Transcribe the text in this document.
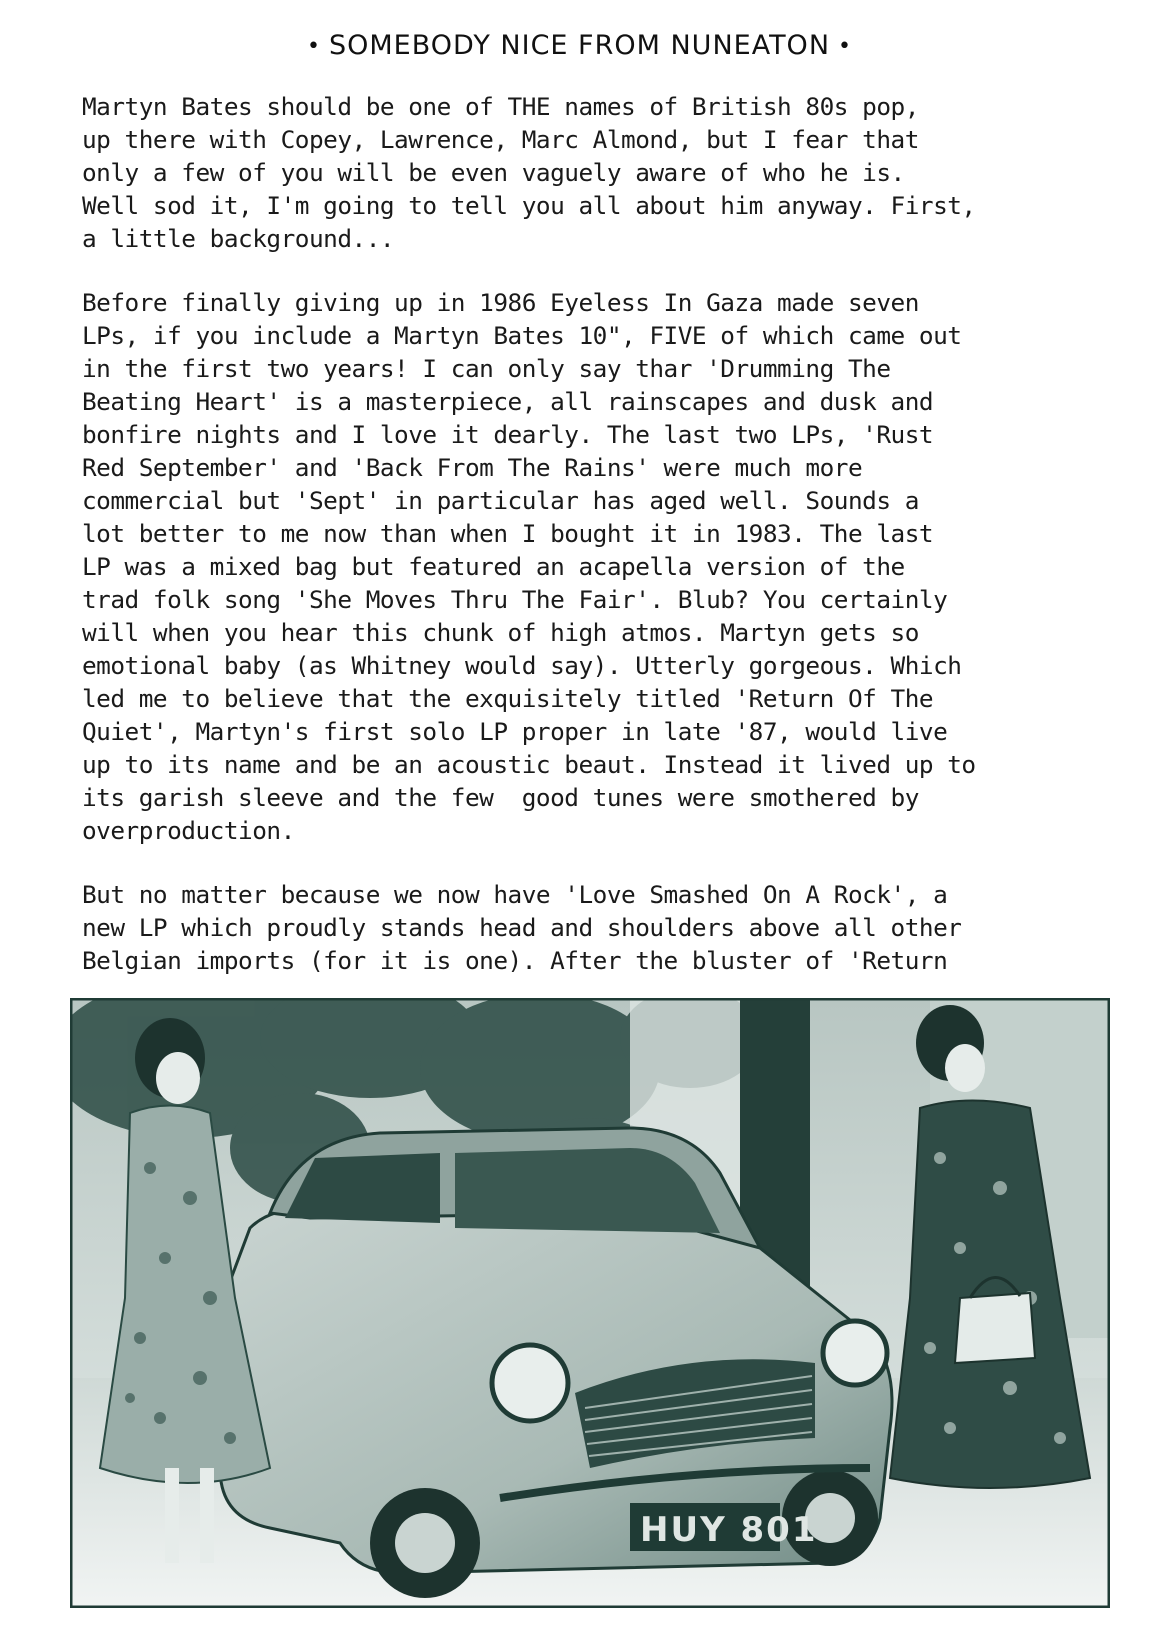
• SOMEBODY NICE FROM NUNEATON •

Martyn Bates should be one of THE names of British 80s pop,
up there with Copey, Lawrence, Marc Almond, but I fear that
only a few of you will be even vaguely aware of who he is.
Well sod it, I'm going to tell you all about him anyway. First,
a little background...

Before finally giving up in 1986 Eyeless In Gaza made seven
LPs, if you include a Martyn Bates 10", FIVE of which came out
in the first two years! I can only say thar 'Drumming The
Beating Heart' is a masterpiece, all rainscapes and dusk and
bonfire nights and I love it dearly. The last two LPs, 'Rust
Red September' and 'Back From The Rains' were much more
commercial but 'Sept' in particular has aged well. Sounds a
lot better to me now than when I bought it in 1983. The last
LP was a mixed bag but featured an acapella version of the
trad folk song 'She Moves Thru The Fair'. Blub? You certainly
will when you hear this chunk of high atmos. Martyn gets so
emotional baby (as Whitney would say). Utterly gorgeous. Which
led me to believe that the exquisitely titled 'Return Of The
Quiet', Martyn's first solo LP proper in late '87, would live
up to its name and be an acoustic beaut. Instead it lived up to
its garish sleeve and the few  good tunes were smothered by
overproduction.

But no matter because we now have 'Love Smashed On A Rock', a
new LP which proudly stands head and shoulders above all other
Belgian imports (for it is one). After the bluster of 'Return

HUY 801
